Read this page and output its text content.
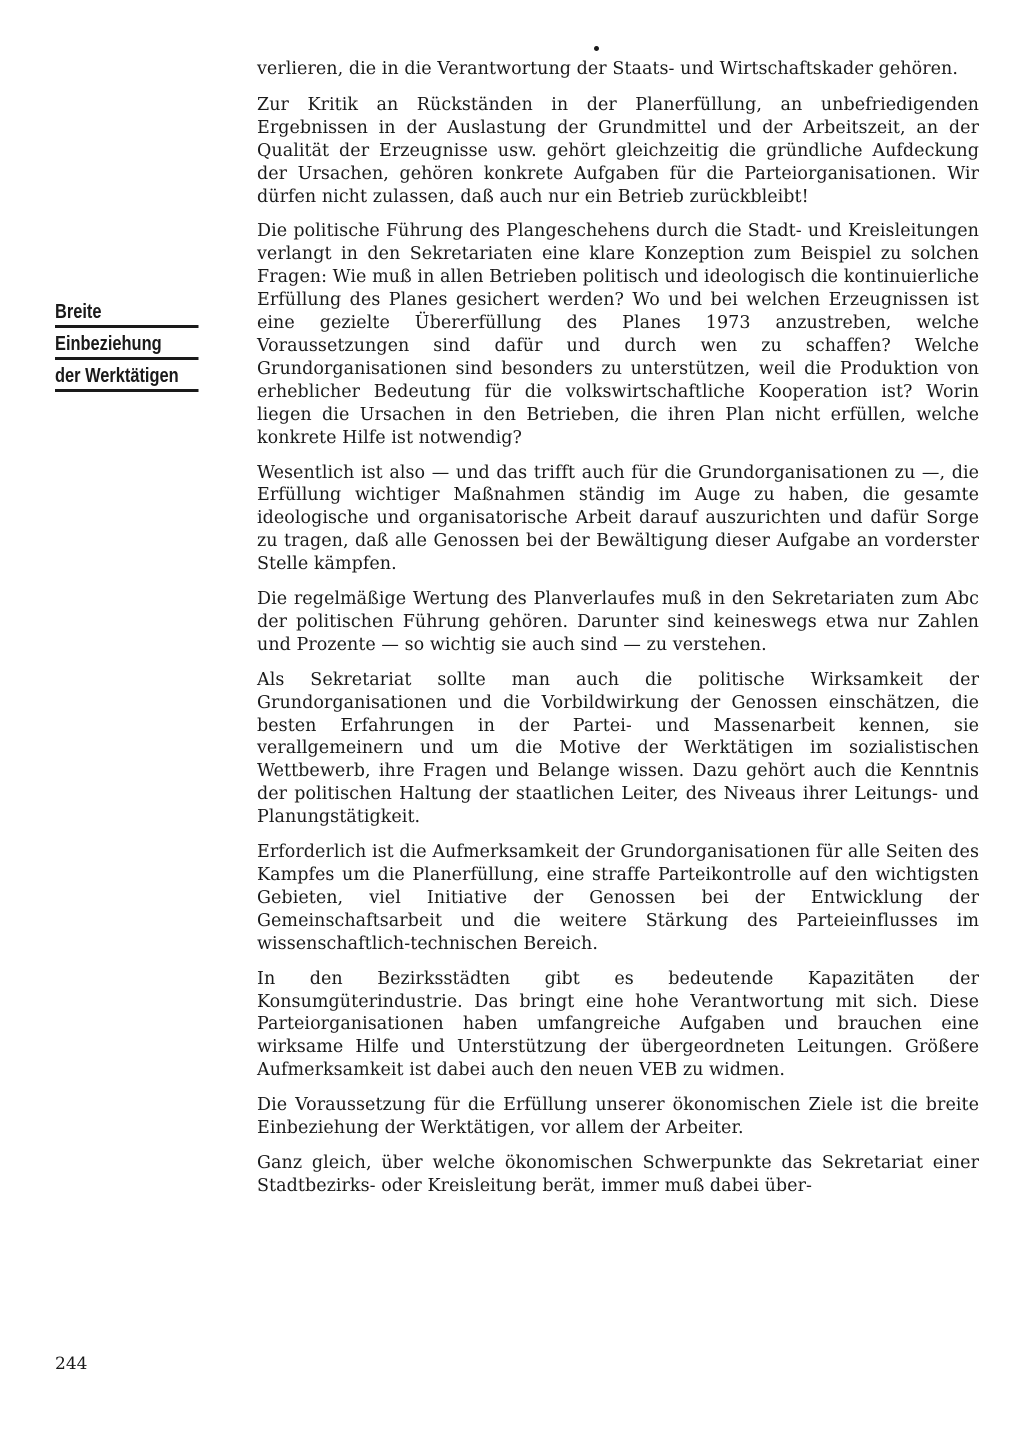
Breite
Einbeziehung
der Werktätigen

verlieren, die in die Verantwortung der Staats- und Wirtschaftskader gehören.

Zur Kritik an Rückständen in der Planerfüllung, an unbefriedigenden Ergebnissen in der Auslastung der Grundmittel und der Arbeitszeit, an der Qualität der Erzeugnisse usw. gehört gleichzeitig die gründliche Aufdeckung der Ursachen, gehören konkrete Aufgaben für die Parteiorganisationen. Wir dürfen nicht zulassen, daß auch nur ein Betrieb zurückbleibt!

Die politische Führung des Plangeschehens durch die Stadt- und Kreisleitungen verlangt in den Sekretariaten eine klare Konzeption zum Beispiel zu solchen Fragen: Wie muß in allen Betrieben politisch und ideologisch die kontinuierliche Erfüllung des Planes gesichert werden? Wo und bei welchen Erzeugnissen ist eine gezielte Übererfüllung des Planes 1973 anzustreben, welche Voraussetzungen sind dafür und durch wen zu schaffen? Welche Grundorganisationen sind besonders zu unterstützen, weil die Produktion von erheblicher Bedeutung für die volkswirtschaftliche Kooperation ist? Worin liegen die Ursachen in den Betrieben, die ihren Plan nicht erfüllen, welche konkrete Hilfe ist notwendig?

Wesentlich ist also — und das trifft auch für die Grundorganisationen zu —, die Erfüllung wichtiger Maßnahmen ständig im Auge zu haben, die gesamte ideologische und organisatorische Arbeit darauf auszurichten und dafür Sorge zu tragen, daß alle Genossen bei der Bewältigung dieser Aufgabe an vorderster Stelle kämpfen.

Die regelmäßige Wertung des Planverlaufes muß in den Sekretariaten zum Abc der politischen Führung gehören. Darunter sind keineswegs etwa nur Zahlen und Prozente — so wichtig sie auch sind — zu verstehen.

Als Sekretariat sollte man auch die politische Wirksamkeit der Grundorganisationen und die Vorbildwirkung der Genossen einschätzen, die besten Erfahrungen in der Partei- und Massenarbeit kennen, sie verallgemeinern und um die Motive der Werktätigen im sozialistischen Wettbewerb, ihre Fragen und Belange wissen. Dazu gehört auch die Kenntnis der politischen Haltung der staatlichen Leiter, des Niveaus ihrer Leitungs- und Planungstätigkeit.

Erforderlich ist die Aufmerksamkeit der Grundorganisationen für alle Seiten des Kampfes um die Planerfüllung, eine straffe Parteikontrolle auf den wichtigsten Gebieten, viel Initiative der Genossen bei der Entwicklung der Gemeinschaftsarbeit und die weitere Stärkung des Parteieinflusses im wissenschaftlich-technischen Bereich.

In den Bezirksstädten gibt es bedeutende Kapazitäten der Konsumgüterindustrie. Das bringt eine hohe Verantwortung mit sich. Diese Parteiorganisationen haben umfangreiche Aufgaben und brauchen eine wirksame Hilfe und Unterstützung der übergeordneten Leitungen. Größere Aufmerksamkeit ist dabei auch den neuen VEB zu widmen.

Die Voraussetzung für die Erfüllung unserer ökonomischen Ziele ist die breite Einbeziehung der Werktätigen, vor allem der Arbeiter.

Ganz gleich, über welche ökonomischen Schwerpunkte das Sekretariat einer Stadtbezirks- oder Kreisleitung berät, immer muß dabei über-

244
